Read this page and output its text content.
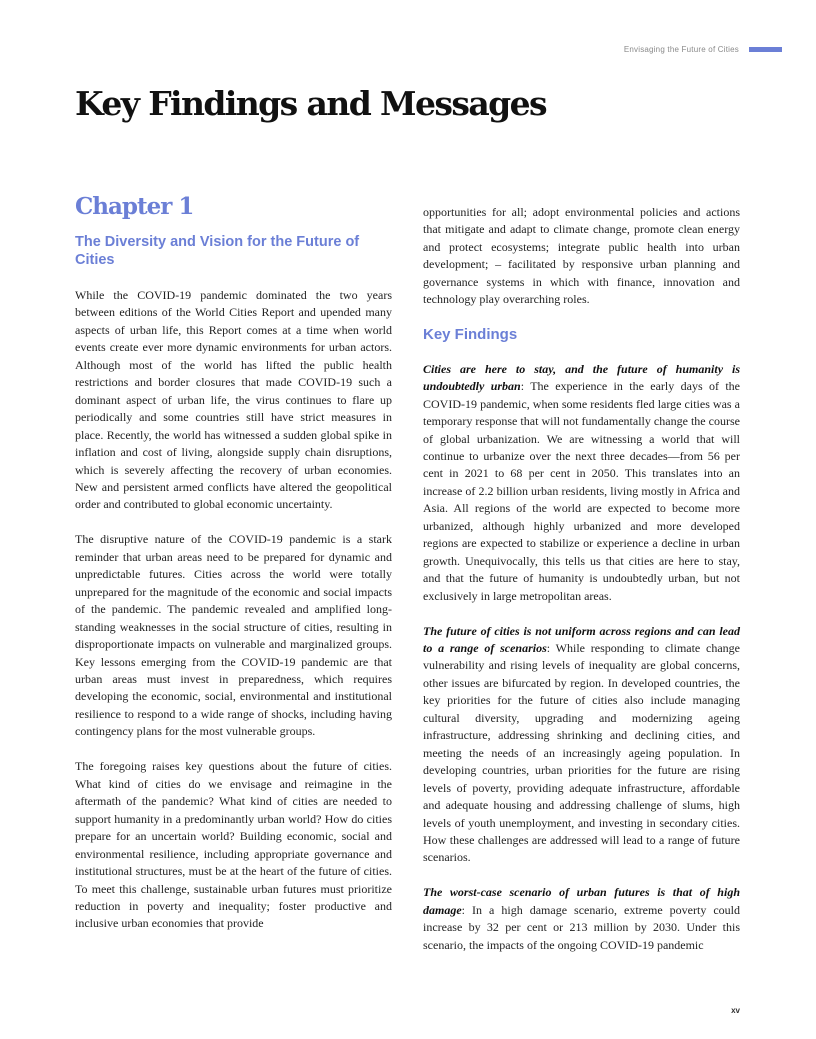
Envisaging the Future of Cities
Key Findings and Messages
Chapter 1
The Diversity and Vision for the Future of Cities

While the COVID-19 pandemic dominated the two years between editions of the World Cities Report and upended many aspects of urban life, this Report comes at a time when world events create ever more dynamic environments for urban actors. Although most of the world has lifted the public health restrictions and border closures that made COVID-19 such a dominant aspect of urban life, the virus continues to flare up periodically and some countries still have strict measures in place. Recently, the world has witnessed a sudden global spike in inflation and cost of living, alongside supply chain disruptions, which is severely affecting the recovery of urban economies. New and persistent armed conflicts have altered the geopolitical order and contributed to global economic uncertainty.

The disruptive nature of the COVID-19 pandemic is a stark reminder that urban areas need to be prepared for dynamic and unpredictable futures. Cities across the world were totally unprepared for the magnitude of the economic and social impacts of the pandemic. The pandemic revealed and amplified long-standing weaknesses in the social structure of cities, resulting in disproportionate impacts on vulnerable and marginalized groups. Key lessons emerging from the COVID-19 pandemic are that urban areas must invest in preparedness, which requires developing the economic, social, environmental and institutional resilience to respond to a wide range of shocks, including having contingency plans for the most vulnerable groups.

The foregoing raises key questions about the future of cities. What kind of cities do we envisage and reimagine in the aftermath of the pandemic? What kind of cities are needed to support humanity in a predominantly urban world? How do cities prepare for an uncertain world? Building economic, social and environmental resilience, including appropriate governance and institutional structures, must be at the heart of the future of cities. To meet this challenge, sustainable urban futures must prioritize reduction in poverty and inequality; foster productive and inclusive urban economies that provide

opportunities for all; adopt environmental policies and actions that mitigate and adapt to climate change, promote clean energy and protect ecosystems; integrate public health into urban development; – facilitated by responsive urban planning and governance systems in which with finance, innovation and technology play overarching roles.

Key Findings

Cities are here to stay, and the future of humanity is undoubtedly urban: The experience in the early days of the COVID-19 pandemic, when some residents fled large cities was a temporary response that will not fundamentally change the course of global urbanization. We are witnessing a world that will continue to urbanize over the next three decades—from 56 per cent in 2021 to 68 per cent in 2050. This translates into an increase of 2.2 billion urban residents, living mostly in Africa and Asia. All regions of the world are expected to become more urbanized, although highly urbanized and more developed regions are expected to stabilize or experience a decline in urban growth. Unequivocally, this tells us that cities are here to stay, and that the future of humanity is undoubtedly urban, but not exclusively in large metropolitan areas.

The future of cities is not uniform across regions and can lead to a range of scenarios: While responding to climate change vulnerability and rising levels of inequality are global concerns, other issues are bifurcated by region. In developed countries, the key priorities for the future of cities also include managing cultural diversity, upgrading and modernizing ageing infrastructure, addressing shrinking and declining cities, and meeting the needs of an increasingly ageing population. In developing countries, urban priorities for the future are rising levels of poverty, providing adequate infrastructure, affordable and adequate housing and addressing challenge of slums, high levels of youth unemployment, and investing in secondary cities. How these challenges are addressed will lead to a range of future scenarios.

The worst-case scenario of urban futures is that of high damage: In a high damage scenario, extreme poverty could increase by 32 per cent or 213 million by 2030. Under this scenario, the impacts of the ongoing COVID-19 pandemic

xv
